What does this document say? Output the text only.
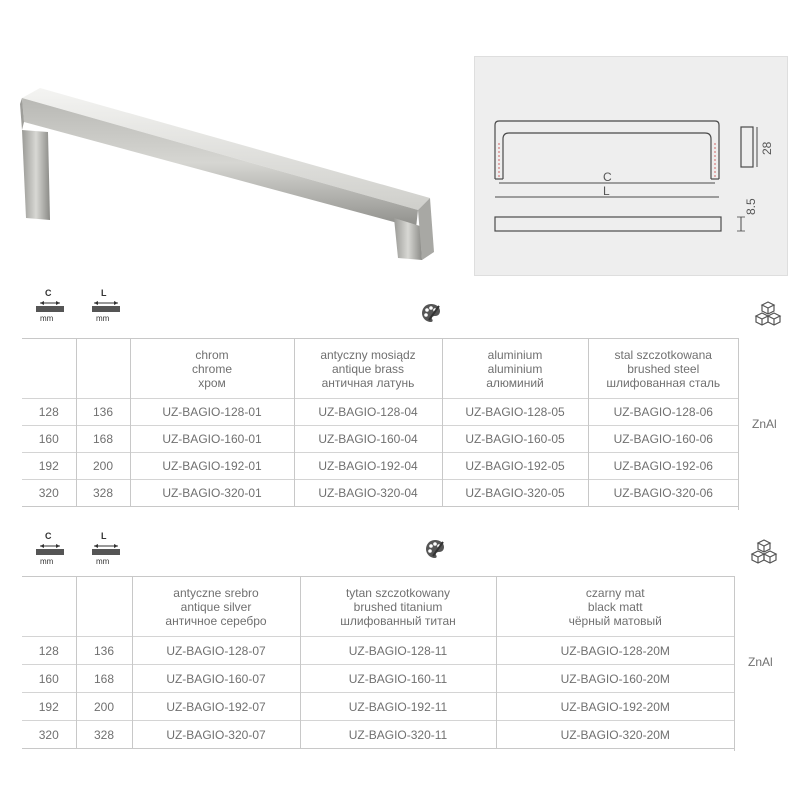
C
L
28
8.5
C
mm
L
mm

		chrom
chrome
хром	antyczny mosiądz
antique brass
античная латунь	aluminium
aluminium
алюминий	stal szczotkowana
brushed steel
шлифованная сталь

128	136	UZ-BAGIO-128-01	UZ-BAGIO-128-04	UZ-BAGIO-128-05	UZ-BAGIO-128-06
160	168	UZ-BAGIO-160-01	UZ-BAGIO-160-04	UZ-BAGIO-160-05	UZ-BAGIO-160-06
192	200	UZ-BAGIO-192-01	UZ-BAGIO-192-04	UZ-BAGIO-192-05	UZ-BAGIO-192-06
320	328	UZ-BAGIO-320-01	UZ-BAGIO-320-04	UZ-BAGIO-320-05	UZ-BAGIO-320-06
ZnAl
C
mm
L
mm

		antyczne srebro
antique silver
античное серебро	tytan szczotkowany
brushed titanium
шлифованный титан	czarny mat
black matt
чёрный матовый

128	136	UZ-BAGIO-128-07	UZ-BAGIO-128-11	UZ-BAGIO-128-20M
160	168	UZ-BAGIO-160-07	UZ-BAGIO-160-11	UZ-BAGIO-160-20M
192	200	UZ-BAGIO-192-07	UZ-BAGIO-192-11	UZ-BAGIO-192-20M
320	328	UZ-BAGIO-320-07	UZ-BAGIO-320-11	UZ-BAGIO-320-20M
ZnAl
